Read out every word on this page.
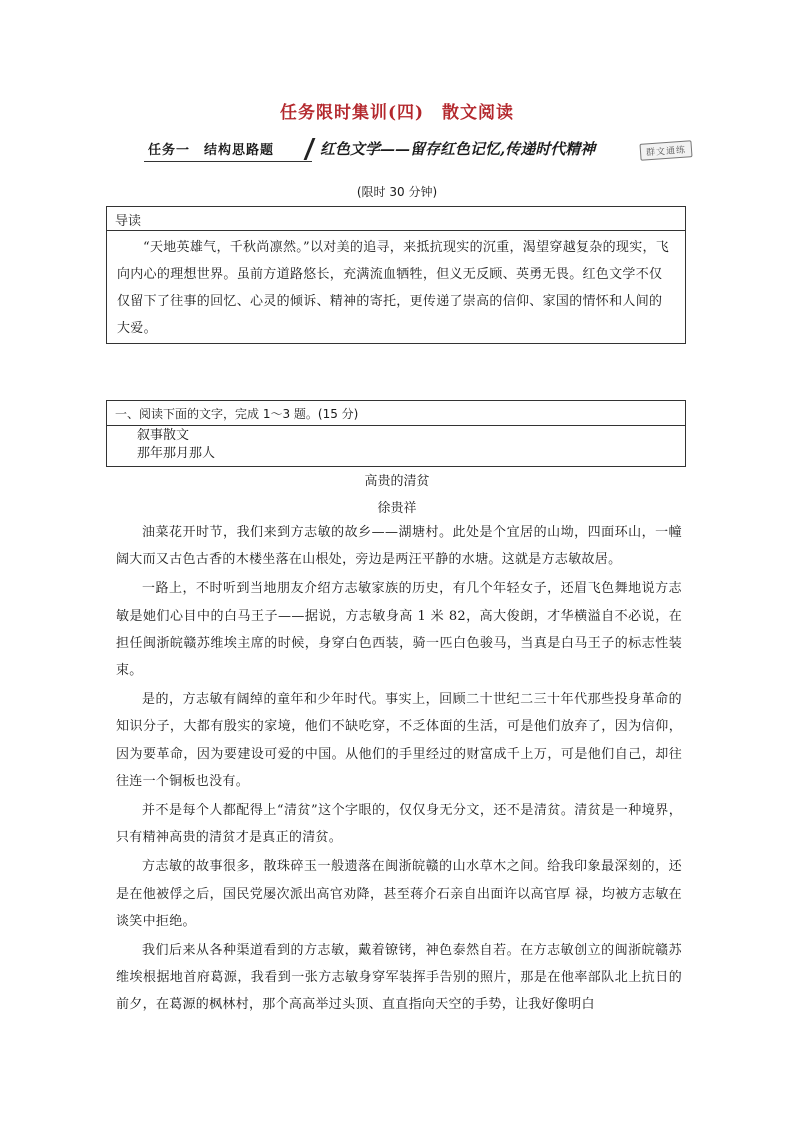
任务限时集训(四)　散文阅读
任务一　结构思路题	红色文学——留存红色记忆,传递时代精神	群文通练
(限时 30 分钟)
导读
“天地英雄气，千秋尚凛然。”以对美的追寻，来抵抗现实的沉重，渴望穿越复杂的现实，飞向内心的理想世界。虽前方道路悠长，充满流血牺牲，但义无反顾、英勇无畏。红色文学不仅仅留下了往事的回忆、心灵的倾诉、精神的寄托，更传递了崇高的信仰、家国的情怀和人间的大爱。
一、阅读下面的文字，完成 1～3 题。(15 分)
叙事散文
那年那月那人
高贵的清贫
徐贵祥

油菜花开时节，我们来到方志敏的故乡——湖塘村。此处是个宜居的山坳，四面环山，一幢阔大而又古色古香的木楼坐落在山根处，旁边是两汪平静的水塘。这就是方志敏故居。

一路上，不时听到当地朋友介绍方志敏家族的历史，有几个年轻女子，还眉飞色舞地说方志敏是她们心目中的白马王子——据说，方志敏身高 1 米 82，高大俊朗，才华横溢自不必说，在担任闽浙皖赣苏维埃主席的时候，身穿白色西装，骑一匹白色骏马，当真是白马王子的标志性装束。

是的，方志敏有阔绰的童年和少年时代。事实上，回顾二十世纪二三十年代那些投身革命的知识分子，大都有殷实的家境，他们不缺吃穿，不乏体面的生活，可是他们放弃了，因为信仰，因为要革命，因为要建设可爱的中国。从他们的手里经过的财富成千上万，可是他们自己，却往往连一个铜板也没有。

并不是每个人都配得上“清贫”这个字眼的，仅仅身无分文，还不是清贫。清贫是一种境界，只有精神高贵的清贫才是真正的清贫。

方志敏的故事很多，散珠碎玉一般遗落在闽浙皖赣的山水草木之间。给我印象最深刻的，还是在他被俘之后，国民党屡次派出高官劝降，甚至蒋介石亲自出面许以高官厚 禄，均被方志敏在谈笑中拒绝。

我们后来从各种渠道看到的方志敏，戴着镣铐，神色泰然自若。在方志敏创立的闽浙皖赣苏维埃根据地首府葛源，我看到一张方志敏身穿军装挥手告别的照片，那是在他率部队北上抗日的前夕，在葛源的枫林村，那个高高举过头顶、直直指向天空的手势，让我好像明白
